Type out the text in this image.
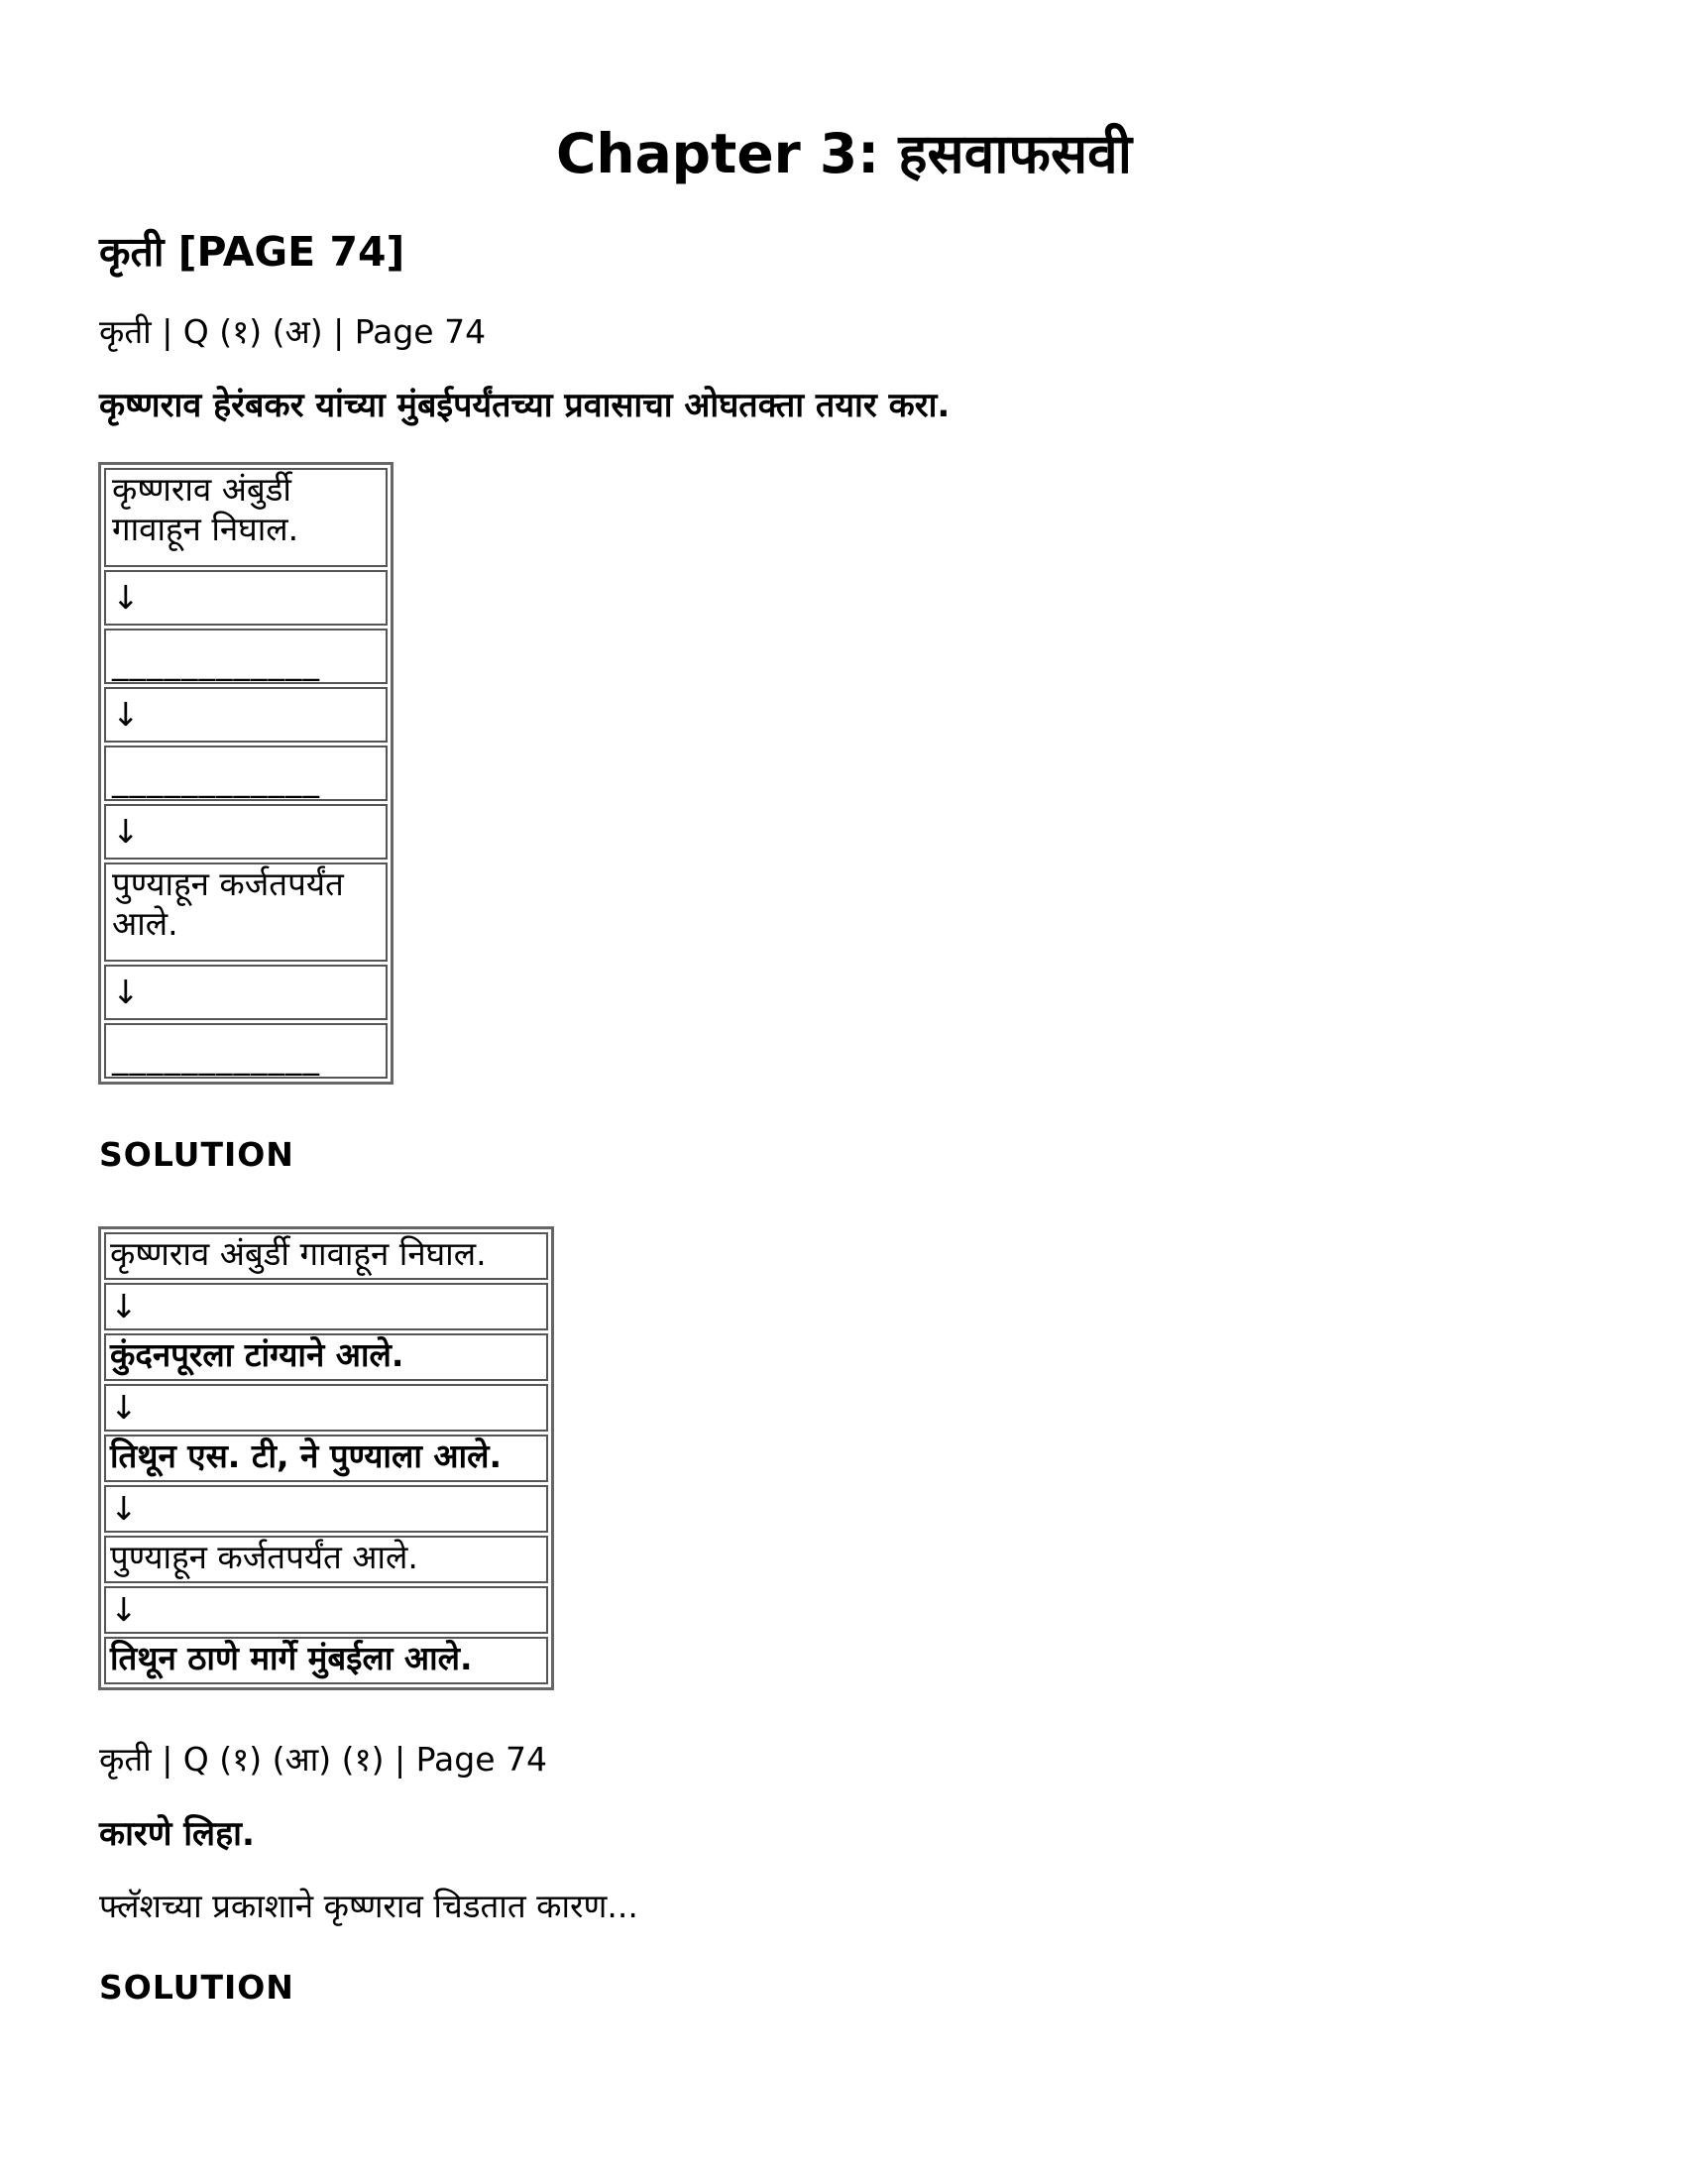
Chapter 3: हसवाफसवी
कृती [PAGE 74]
कृती | Q (१) (अ) | Page 74
कृष्णराव हेरंबकर यांच्या मुंबईपर्यंतच्या प्रवासाचा ओघतक्ता तयार करा.
कृष्णराव अंबुर्डी गावाहून निघाल.
↓
____________
↓
____________
↓
पुण्याहून कर्जतपर्यंत आले.
↓
____________
SOLUTION
कृष्णराव अंबुर्डी गावाहून निघाल.
↓
कुंदनपूरला टांग्याने आले.
↓
तिथून एस. टी, ने पुण्याला आले.
↓
पुण्याहून कर्जतपर्यंत आले.
↓
तिथून ठाणे मार्गे मुंबईला आले.
कृती | Q (१) (आ) (१) | Page 74
कारणे लिहा.
फ्लॅशच्या प्रकाशाने कृष्णराव चिडतात कारण...
SOLUTION
